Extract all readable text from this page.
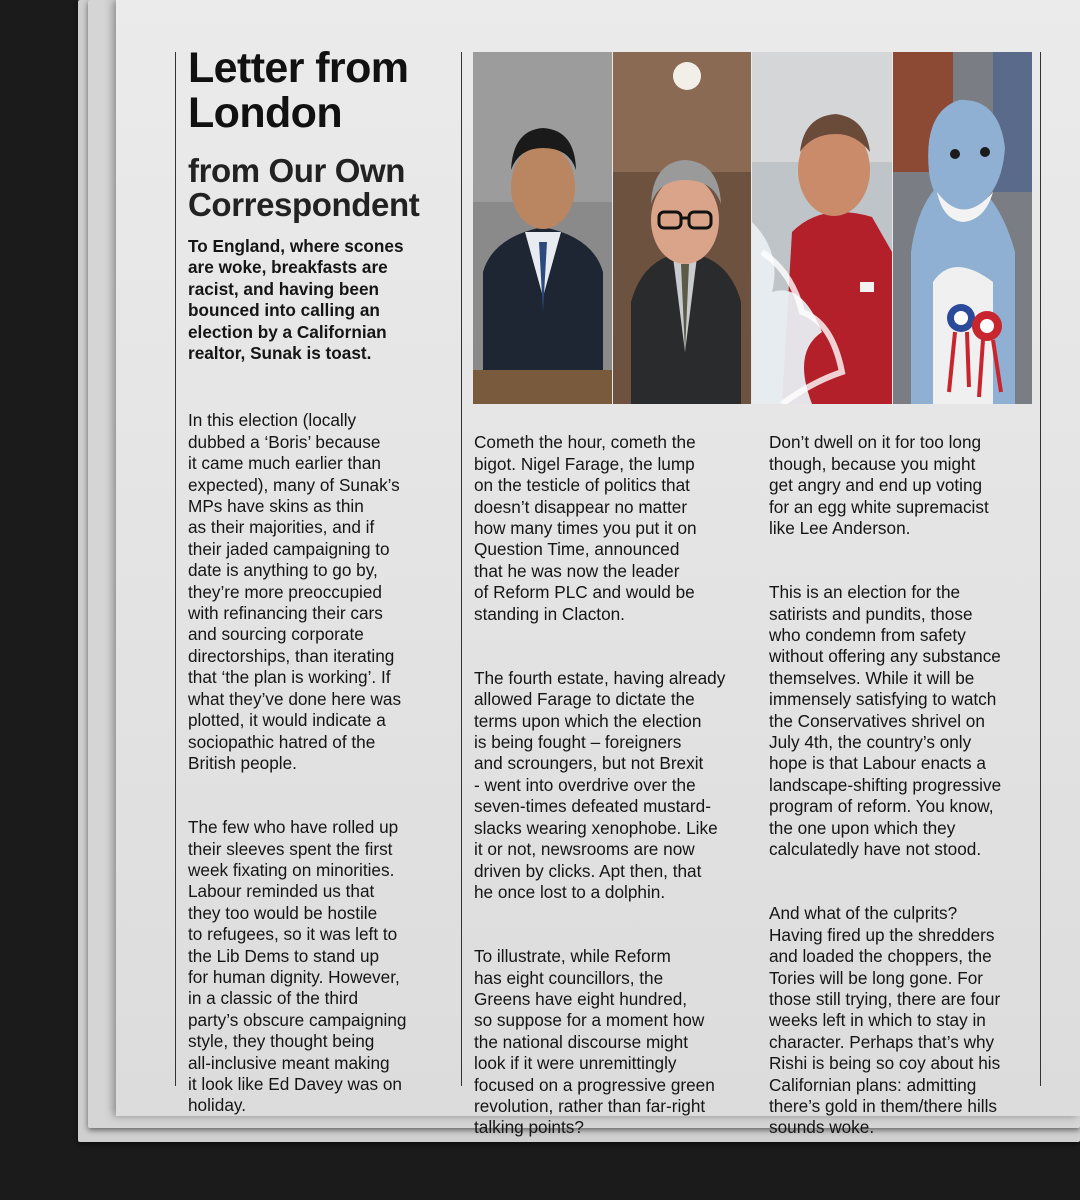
Letter from
London
from Our Own
Correspondent

To England, where scones
are woke, breakfasts are
racist, and having been
bounced into calling an
election by a Californian
realtor, Sunak is toast.

In this election (locally
dubbed a ‘Boris’ because
it came much earlier than
expected), many of Sunak’s
MPs have skins as thin
as their majorities, and if
their jaded campaigning to
date is anything to go by,
they’re more preoccupied
with refinancing their cars
and sourcing corporate
directorships, than iterating
that ‘the plan is working’. If
what they’ve done here was
plotted, it would indicate a
sociopathic hatred of the
British people.

The few who have rolled up
their sleeves spent the first
week fixating on minorities.
Labour reminded us that
they too would be hostile
to refugees, so it was left to
the Lib Dems to stand up
for human dignity. However,
in a classic of the third
party’s obscure campaigning
style, they thought being
all-inclusive meant making
it look like Ed Davey was on
holiday.

Cometh the hour, cometh the
bigot. Nigel Farage, the lump
on the testicle of politics that
doesn’t disappear no matter
how many times you put it on
Question Time, announced
that he was now the leader
of Reform PLC and would be
standing in Clacton.

The fourth estate, having already
allowed Farage to dictate the
terms upon which the election
is being fought – foreigners
and scroungers, but not Brexit
- went into overdrive over the
seven-times defeated mustard-
slacks wearing xenophobe. Like
it or not, newsrooms are now
driven by clicks. Apt then, that
he once lost to a dolphin.

To illustrate, while Reform
has eight councillors, the
Greens have eight hundred,
so suppose for a moment how
the national discourse might
look if it were unremittingly
focused on a progressive green
revolution, rather than far-right
talking points?

Don’t dwell on it for too long
though, because you might
get angry and end up voting
for an egg white supremacist
like Lee Anderson.

This is an election for the
satirists and pundits, those
who condemn from safety
without offering any substance
themselves. While it will be
immensely satisfying to watch
the Conservatives shrivel on
July 4th, the country’s only
hope is that Labour enacts a
landscape-shifting progressive
program of reform. You know,
the one upon which they
calculatedly have not stood.

And what of the culprits?
Having fired up the shredders
and loaded the choppers, the
Tories will be long gone. For
those still trying, there are four
weeks left in which to stay in
character. Perhaps that’s why
Rishi is being so coy about his
Californian plans: admitting
there’s gold in them/there hills
sounds woke.
